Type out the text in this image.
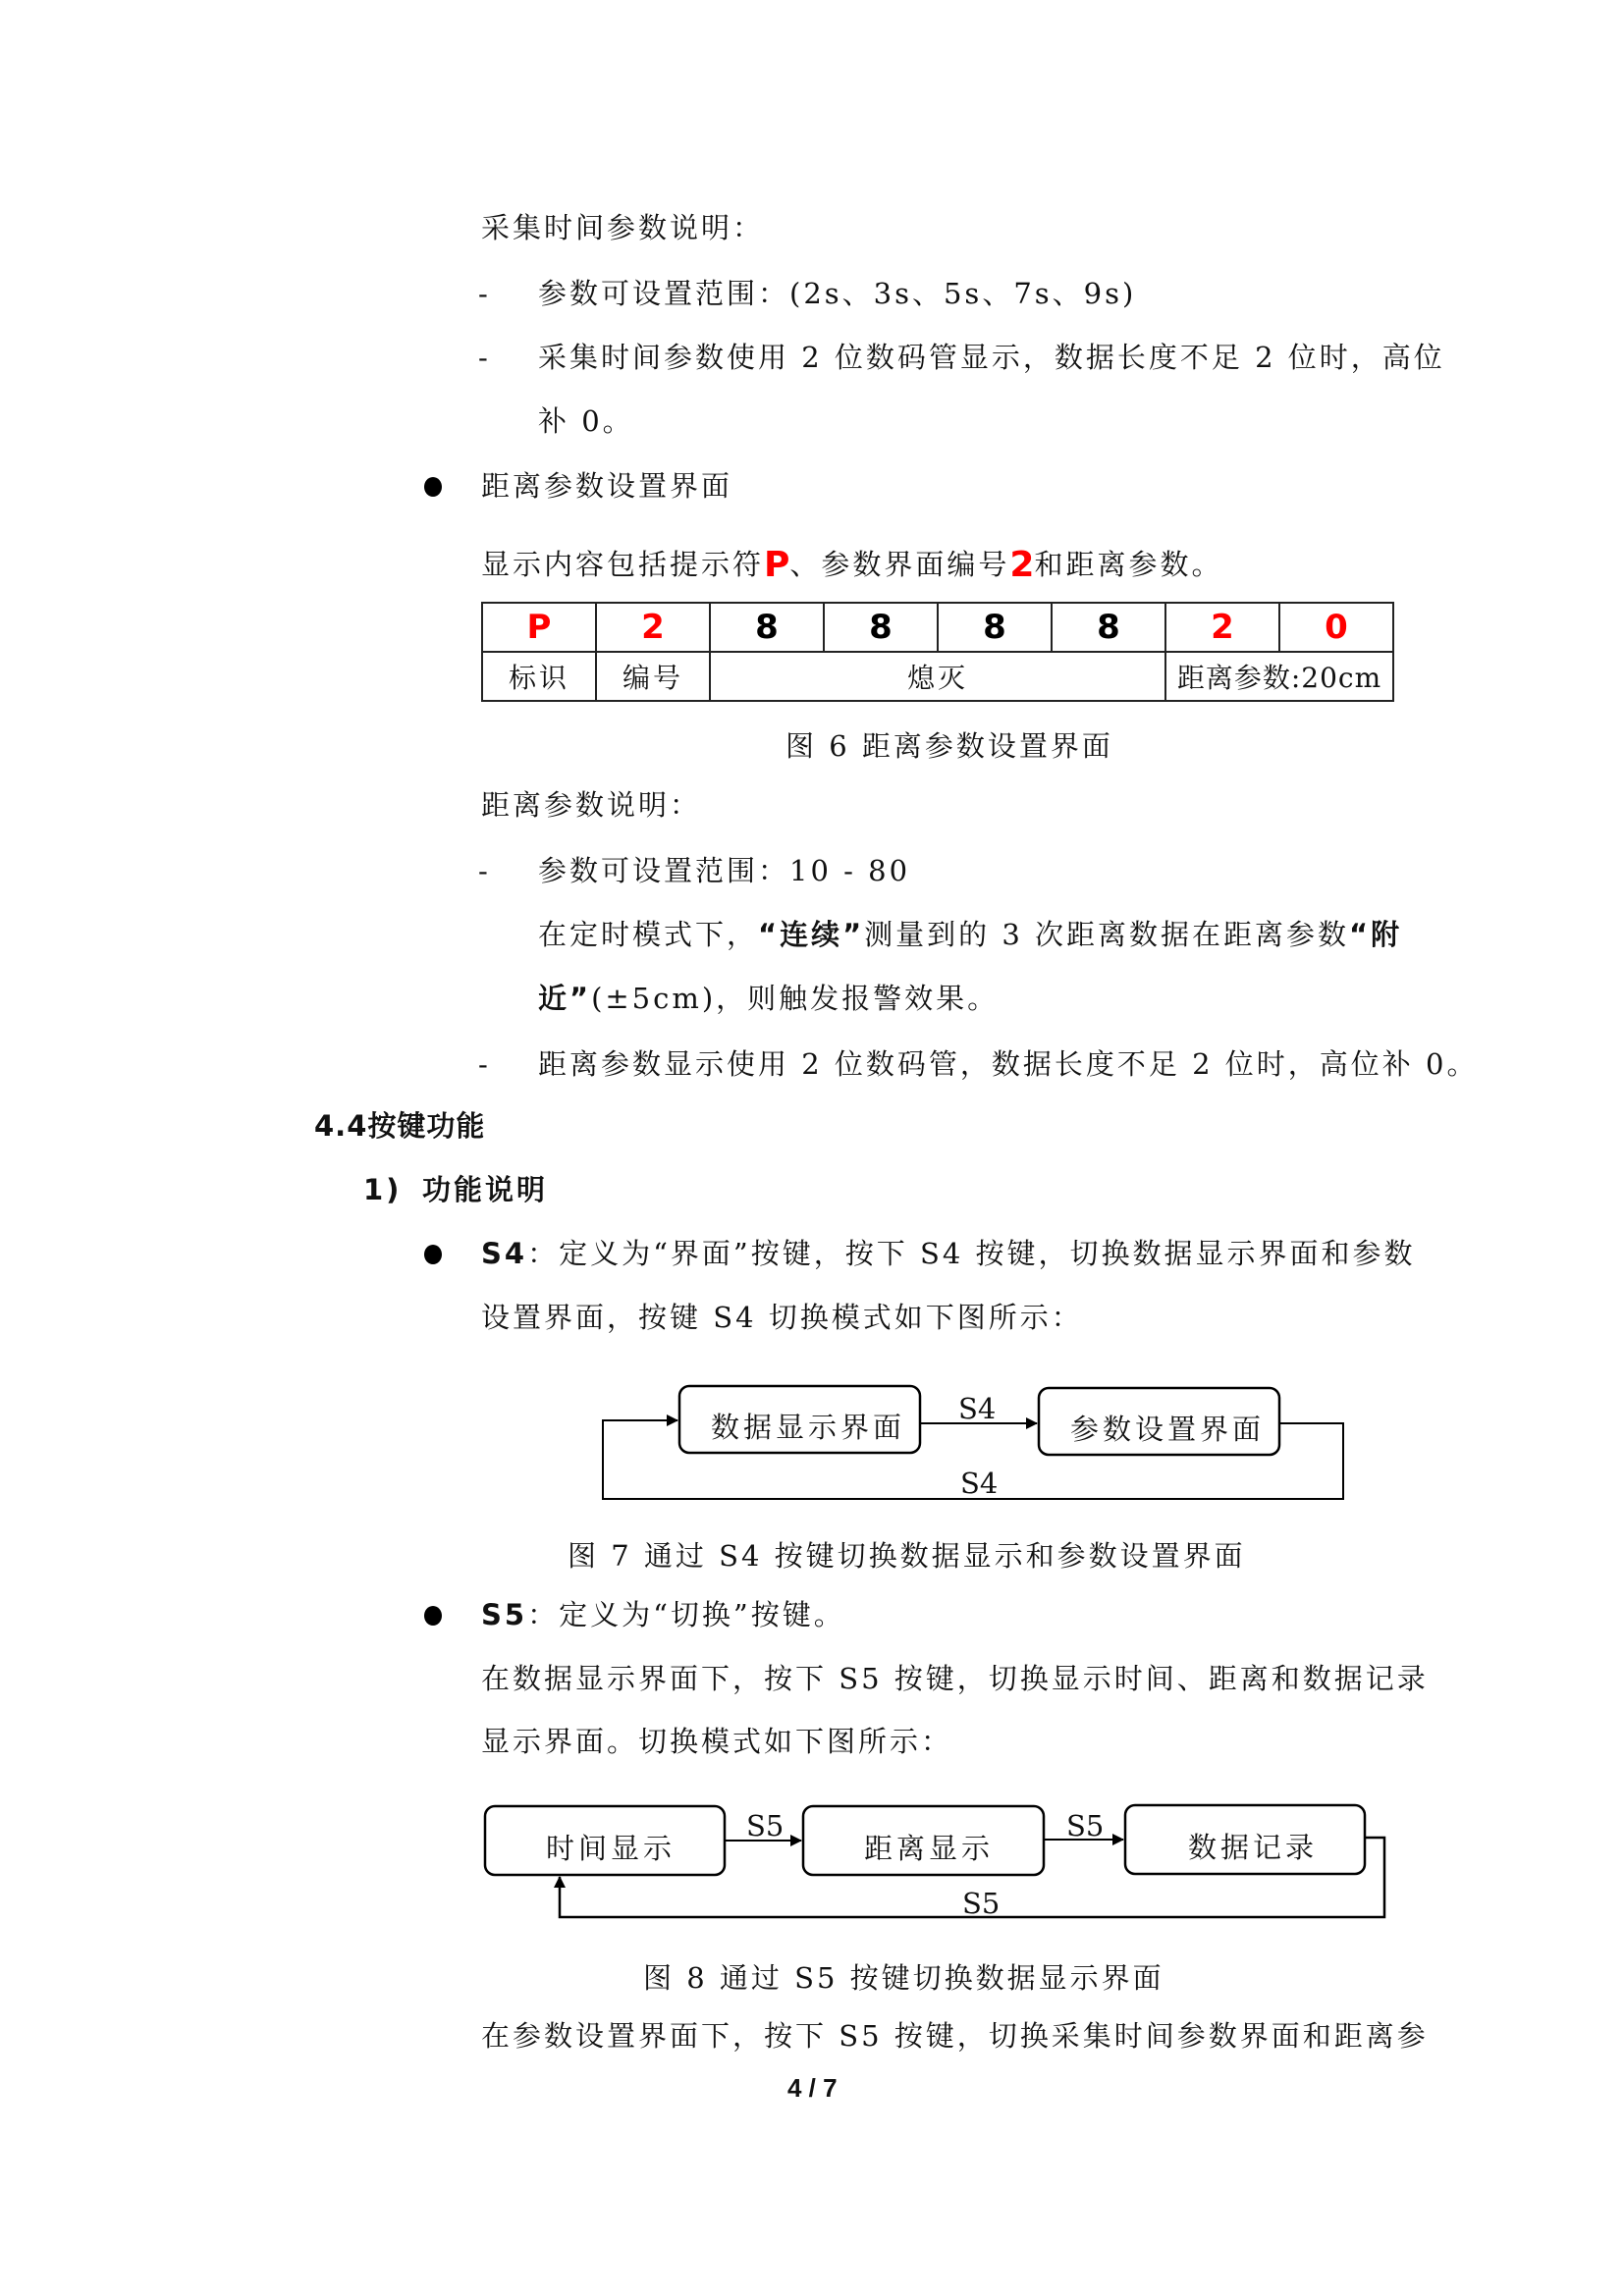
采集时间参数说明：
- 参数可设置范围：(2s、3s、5s、7s、9s)
- 采集时间参数使用 2 位数码管显示，数据长度不足 2 位时，高位
补 0。
距离参数设置界面
显示内容包括提示符P、参数界面编号2和距离参数。
P	2	8	8	8	8	2	0
标识	编号	熄灭				距离参数:20cm	
图 6 距离参数设置界面
距离参数说明：
- 参数可设置范围：10 - 80
在定时模式下，“连续”测量到的 3 次距离数据在距离参数“附
近”(±5cm)，则触发报警效果。
- 距离参数显示使用 2 位数码管，数据长度不足 2 位时，高位补 0。
4.4按键功能
1) 功能说明
S4：定义为“界面”按键，按下 S4 按键，切换数据显示界面和参数
设置界面，按键 S4 切换模式如下图所示：
数据显示界面	参数设置界面
S4
S4
图 7 通过 S4 按键切换数据显示和参数设置界面
S5：定义为“切换”按键。
在数据显示界面下，按下 S5 按键，切换显示时间、距离和数据记录
显示界面。切换模式如下图所示：
时间显示	距离显示	数据记录
S5	S5
S5
图 8 通过 S5 按键切换数据显示界面
在参数设置界面下，按下 S5 按键，切换采集时间参数界面和距离参
4 / 7
